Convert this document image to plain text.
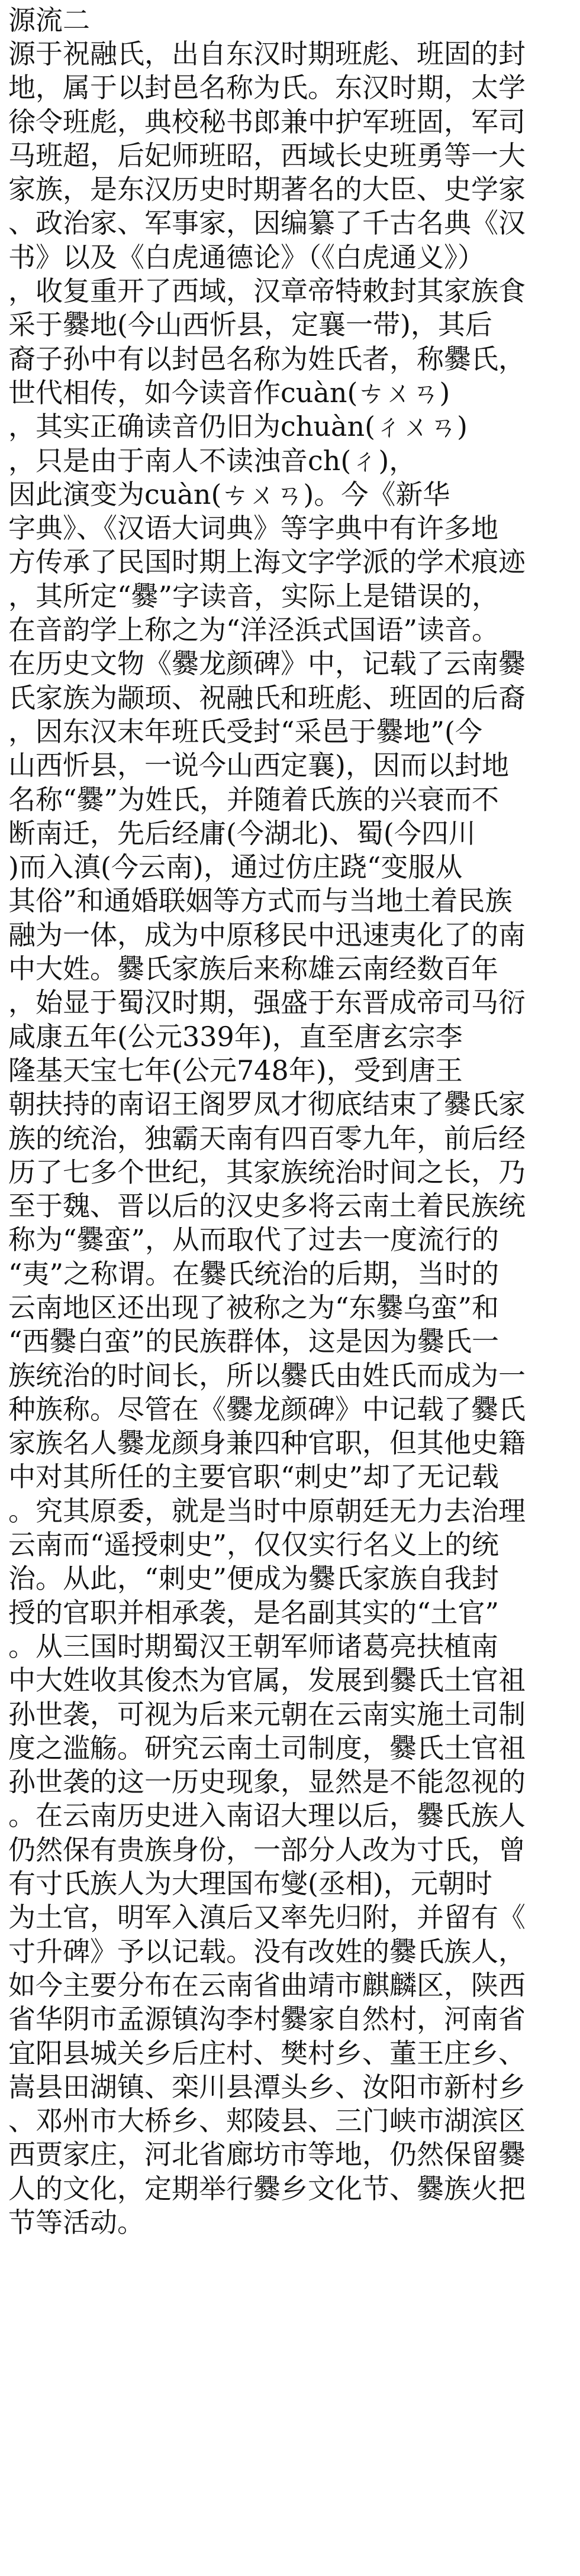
源流二
源于祝融氏，出自东汉时期班彪、班固的封
地，属于以封邑名称为氏。东汉时期，太学
徐令班彪，典校秘书郎兼中护军班固，军司
马班超，后妃师班昭，西域长史班勇等一大
家族，是东汉历史时期著名的大臣、史学家
、政治家、军事家，因编纂了千古名典《汉
书》以及《白虎通德论》（《白虎通义》）
，收复重开了西域，汉章帝特敕封其家族食
采于爨地(今山西忻县，定襄一带)，其后
裔子孙中有以封邑名称为姓氏者，称爨氏，
世代相传，如今读音作cuàn(ㄘㄨㄢ)
，其实正确读音仍旧为chuàn(ㄔㄨㄢ)
，只是由于南人不读浊音ch(ㄔ)，
因此演变为cuàn(ㄘㄨㄢ)。今《新华
字典》、《汉语大词典》等字典中有许多地
方传承了民国时期上海文字学派的学术痕迹
，其所定“爨”字读音，实际上是错误的，
在音韵学上称之为“洋泾浜式国语”读音。
在历史文物《爨龙颜碑》中，记载了云南爨
氏家族为颛顼、祝融氏和班彪、班固的后裔
，因东汉末年班氏受封“采邑于爨地”(今
山西忻县，一说今山西定襄)，因而以封地
名称“爨”为姓氏，并随着氏族的兴衰而不
断南迁，先后经庸(今湖北)、蜀(今四川
)而入滇(今云南)，通过仿庄跷“变服从
其俗”和通婚联姻等方式而与当地土着民族
融为一体，成为中原移民中迅速夷化了的南
中大姓。爨氏家族后来称雄云南经数百年
，始显于蜀汉时期，强盛于东晋成帝司马衍
咸康五年(公元339年)，直至唐玄宗李
隆基天宝七年(公元748年)，受到唐王
朝扶持的南诏王阁罗凤才彻底结束了爨氏家
族的统治，独霸天南有四百零九年，前后经
历了七多个世纪，其家族统治时间之长，乃
至于魏、晋以后的汉史多将云南土着民族统
称为“爨蛮”，从而取代了过去一度流行的
“夷”之称谓。在爨氏统治的后期，当时的
云南地区还出现了被称之为“东爨乌蛮”和
“西爨白蛮”的民族群体，这是因为爨氏一
族统治的时间长，所以爨氏由姓氏而成为一
种族称。尽管在《爨龙颜碑》中记载了爨氏
家族名人爨龙颜身兼四种官职，但其他史籍
中对其所任的主要官职“刺史”却了无记载
。究其原委，就是当时中原朝廷无力去治理
云南而“遥授刺史”，仅仅实行名义上的统
治。从此，“刺史”便成为爨氏家族自我封
授的官职并相承袭，是名副其实的“土官”
。从三国时期蜀汉王朝军师诸葛亮扶植南
中大姓收其俊杰为官属，发展到爨氏土官祖
孙世袭，可视为后来元朝在云南实施土司制
度之滥觞。研究云南土司制度，爨氏土官祖
孙世袭的这一历史现象，显然是不能忽视的
。在云南历史进入南诏大理以后，爨氏族人
仍然保有贵族身份，一部分人改为寸氏，曾
有寸氏族人为大理国布燮(丞相)，元朝时
为土官，明军入滇后又率先归附，并留有《
寸升碑》予以记载。没有改姓的爨氏族人，
如今主要分布在云南省曲靖市麒麟区，陕西
省华阴市孟源镇沟李村爨家自然村，河南省
宜阳县城关乡后庄村、樊村乡、董王庄乡、
嵩县田湖镇、栾川县潭头乡、汝阳市新村乡
、邓州市大桥乡、郏陵县、三门峡市湖滨区
西贾家庄，河北省廊坊市等地，仍然保留爨
人的文化，定期举行爨乡文化节、爨族火把
节等活动。
